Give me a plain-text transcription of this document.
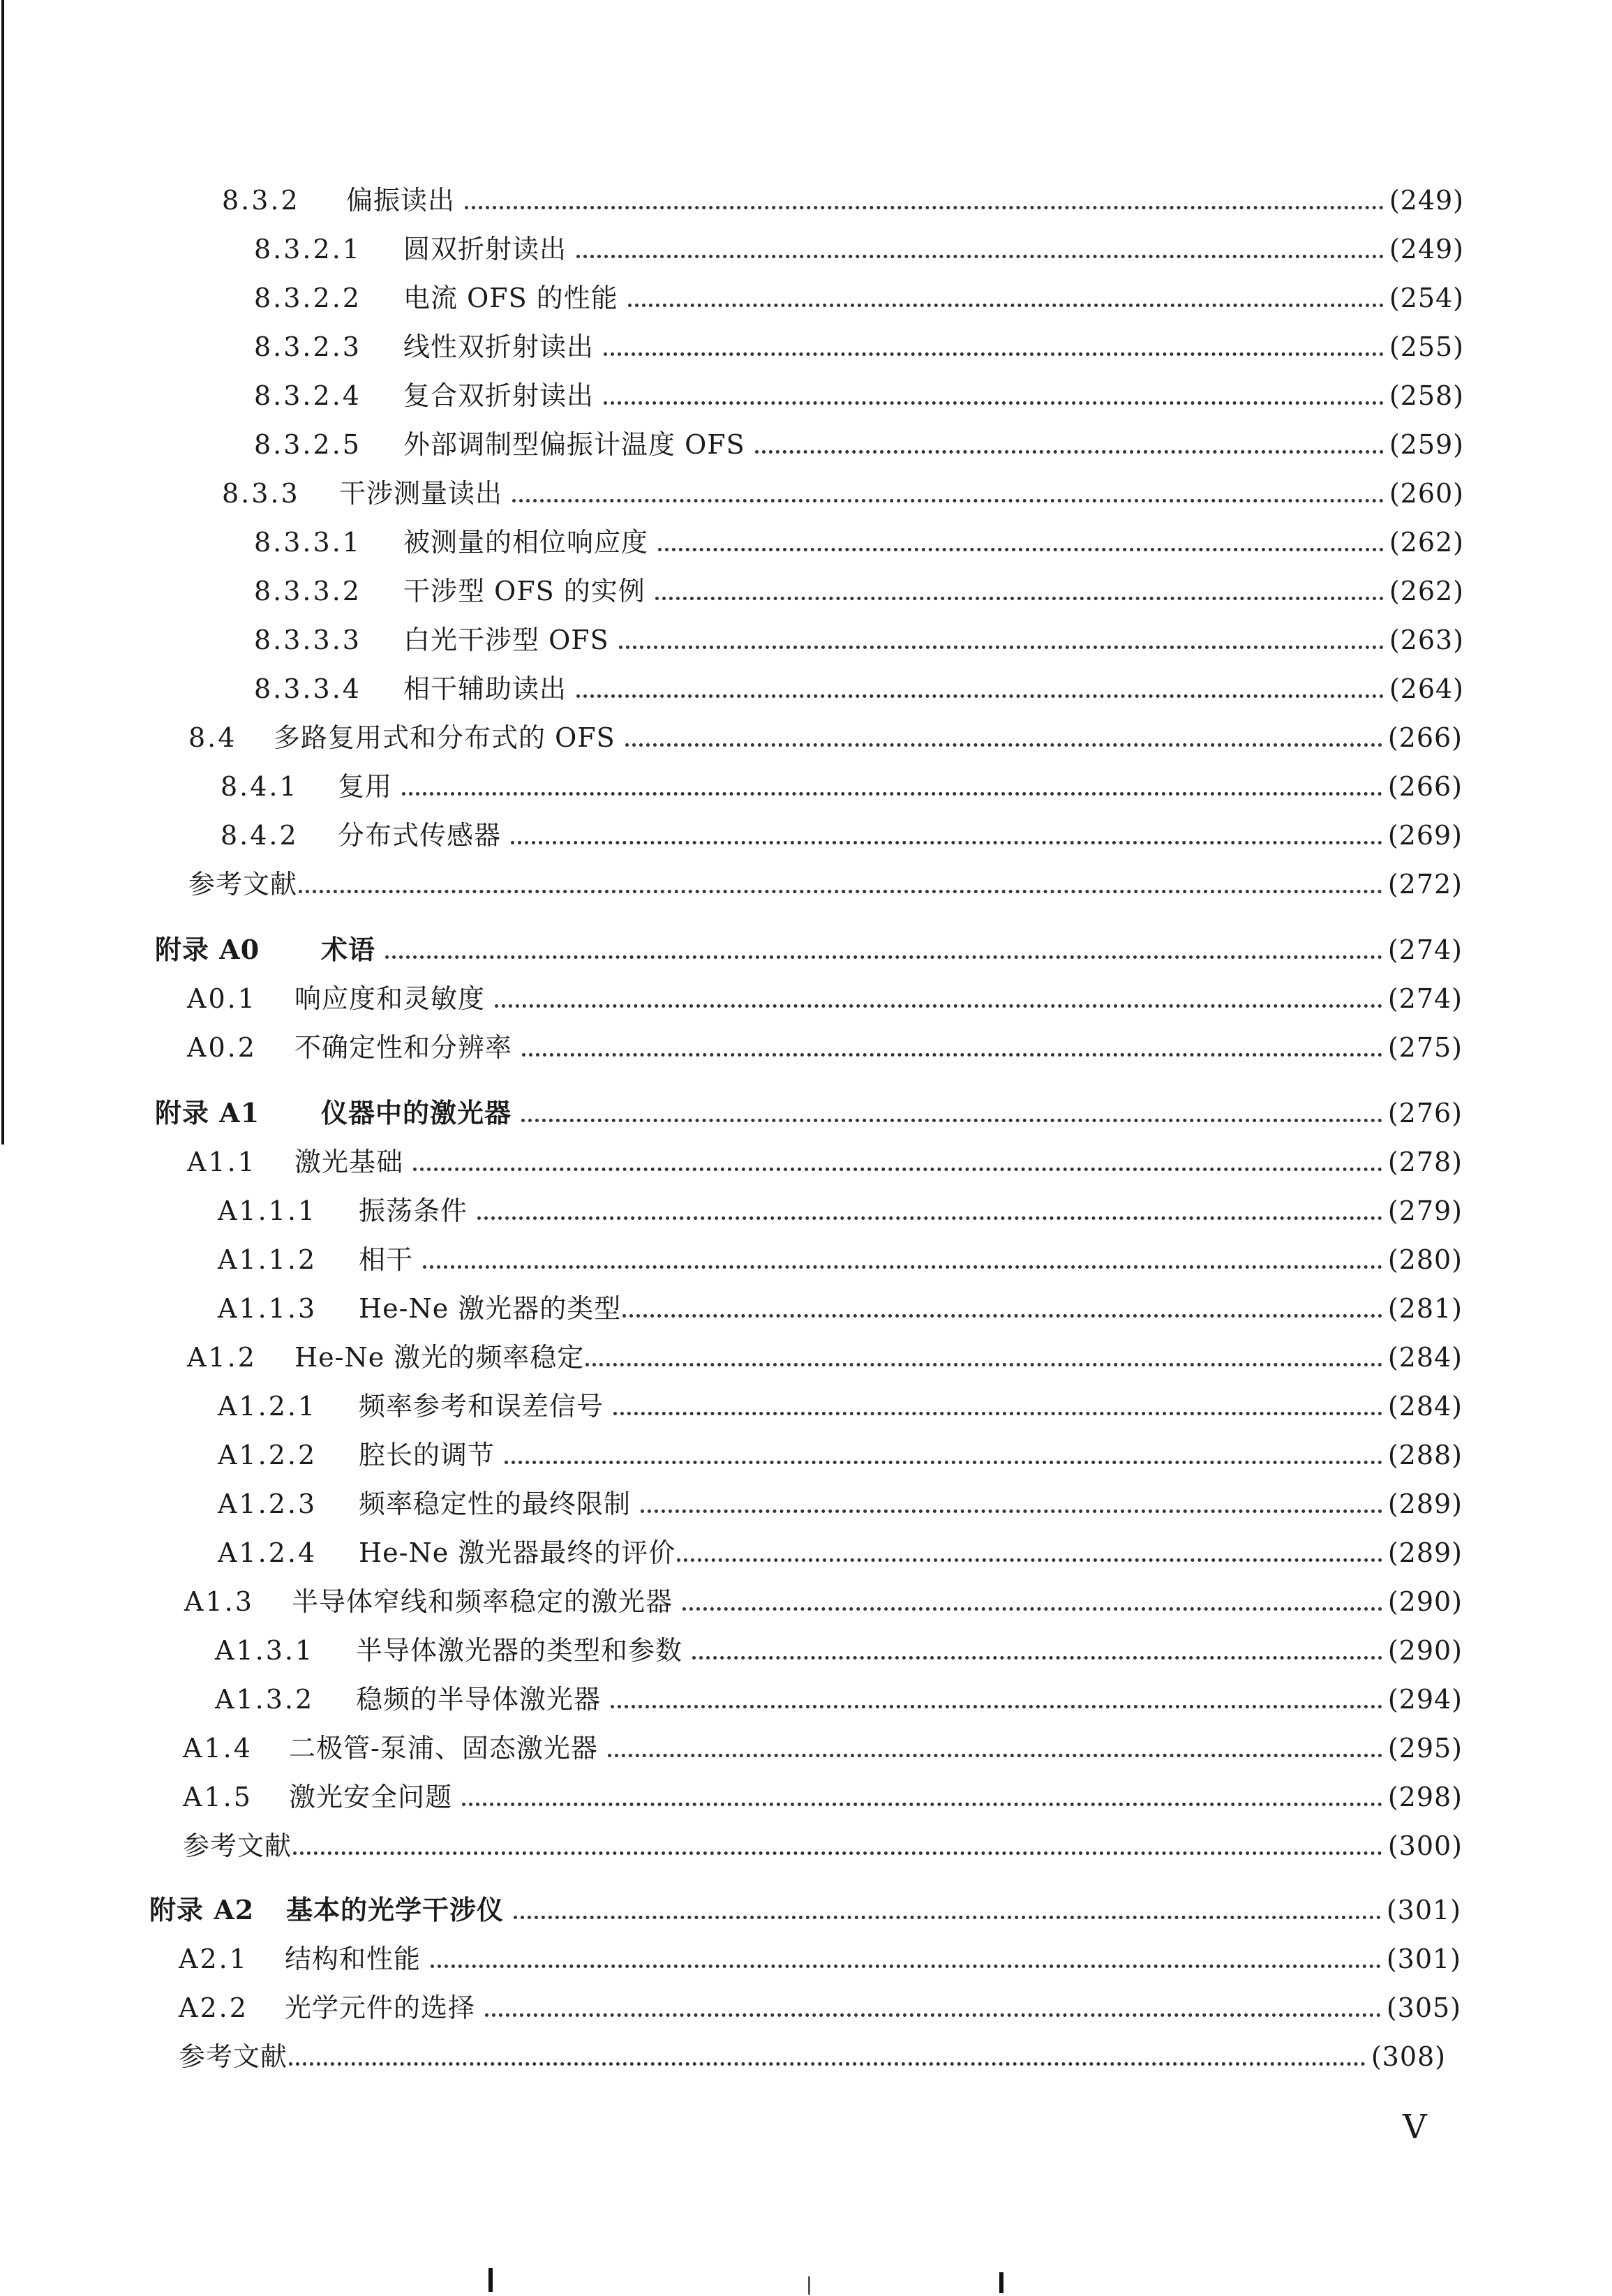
8.3.2	偏振读出	(249)
8.3.2.1	圆双折射读出	(249)
8.3.2.2	电流 OFS 的性能	(254)
8.3.2.3	线性双折射读出	(255)
8.3.2.4	复合双折射读出	(258)
8.3.2.5	外部调制型偏振计温度 OFS	(259)
8.3.3	干涉测量读出	(260)
8.3.3.1	被测量的相位响应度	(262)
8.3.3.2	干涉型 OFS 的实例	(262)
8.3.3.3	白光干涉型 OFS	(263)
8.3.3.4	相干辅助读出	(264)
8.4	多路复用式和分布式的 OFS	(266)
8.4.1	复用	(266)
8.4.2	分布式传感器	(269)
参考文献	(272)
附录 A0	术语	(274)
A0.1	响应度和灵敏度	(274)
A0.2	不确定性和分辨率	(275)
附录 A1	仪器中的激光器	(276)
A1.1	激光基础	(278)
A1.1.1	振荡条件	(279)
A1.1.2	相干	(280)
A1.1.3	He-Ne 激光器的类型	(281)
A1.2	He-Ne 激光的频率稳定	(284)
A1.2.1	频率参考和误差信号	(284)
A1.2.2	腔长的调节	(288)
A1.2.3	频率稳定性的最终限制	(289)
A1.2.4	He-Ne 激光器最终的评价	(289)
A1.3	半导体窄线和频率稳定的激光器	(290)
A1.3.1	半导体激光器的类型和参数	(290)
A1.3.2	稳频的半导体激光器	(294)
A1.4	二极管-泵浦、固态激光器	(295)
A1.5	激光安全问题	(298)
参考文献	(300)
附录 A2	基本的光学干涉仪	(301)
A2.1	结构和性能	(301)
A2.2	光学元件的选择	(305)
参考文献	(308)
V
